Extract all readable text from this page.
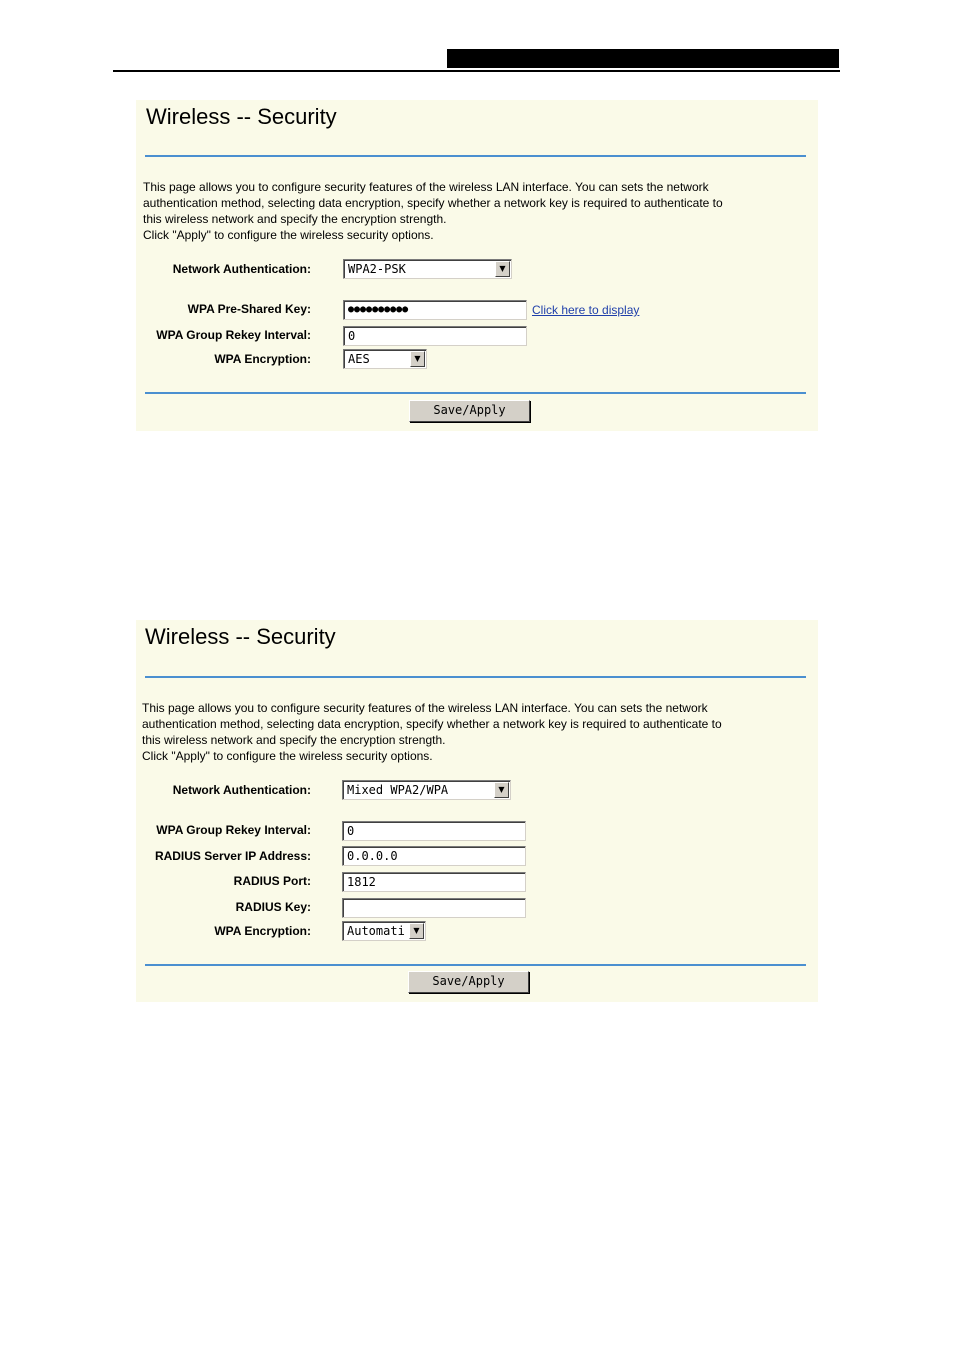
Wireless -- Security

This page allows you to configure security features of the wireless LAN interface. You can sets the network

authentication method, selecting data encryption, specify whether a network key is required to authenticate to

this wireless network and specify the encryption strength.

Click "Apply" to configure the wireless security options.

Network Authentication:	WPA2-PSK	▼
WPA Pre-Shared Key:	●●●●●●●●●●	Click here to display
WPA Group Rekey Interval:	0
WPA Encryption:	AES	▼
Save/Apply
Wireless -- Security

This page allows you to configure security features of the wireless LAN interface. You can sets the network

authentication method, selecting data encryption, specify whether a network key is required to authenticate to

this wireless network and specify the encryption strength.

Click "Apply" to configure the wireless security options.

Network Authentication:	Mixed WPA2/WPA	▼
WPA Group Rekey Interval:	0
RADIUS Server IP Address:	0.0.0.0
RADIUS Port:	1812
RADIUS Key:
WPA Encryption:	Automati	▼
Save/Apply
